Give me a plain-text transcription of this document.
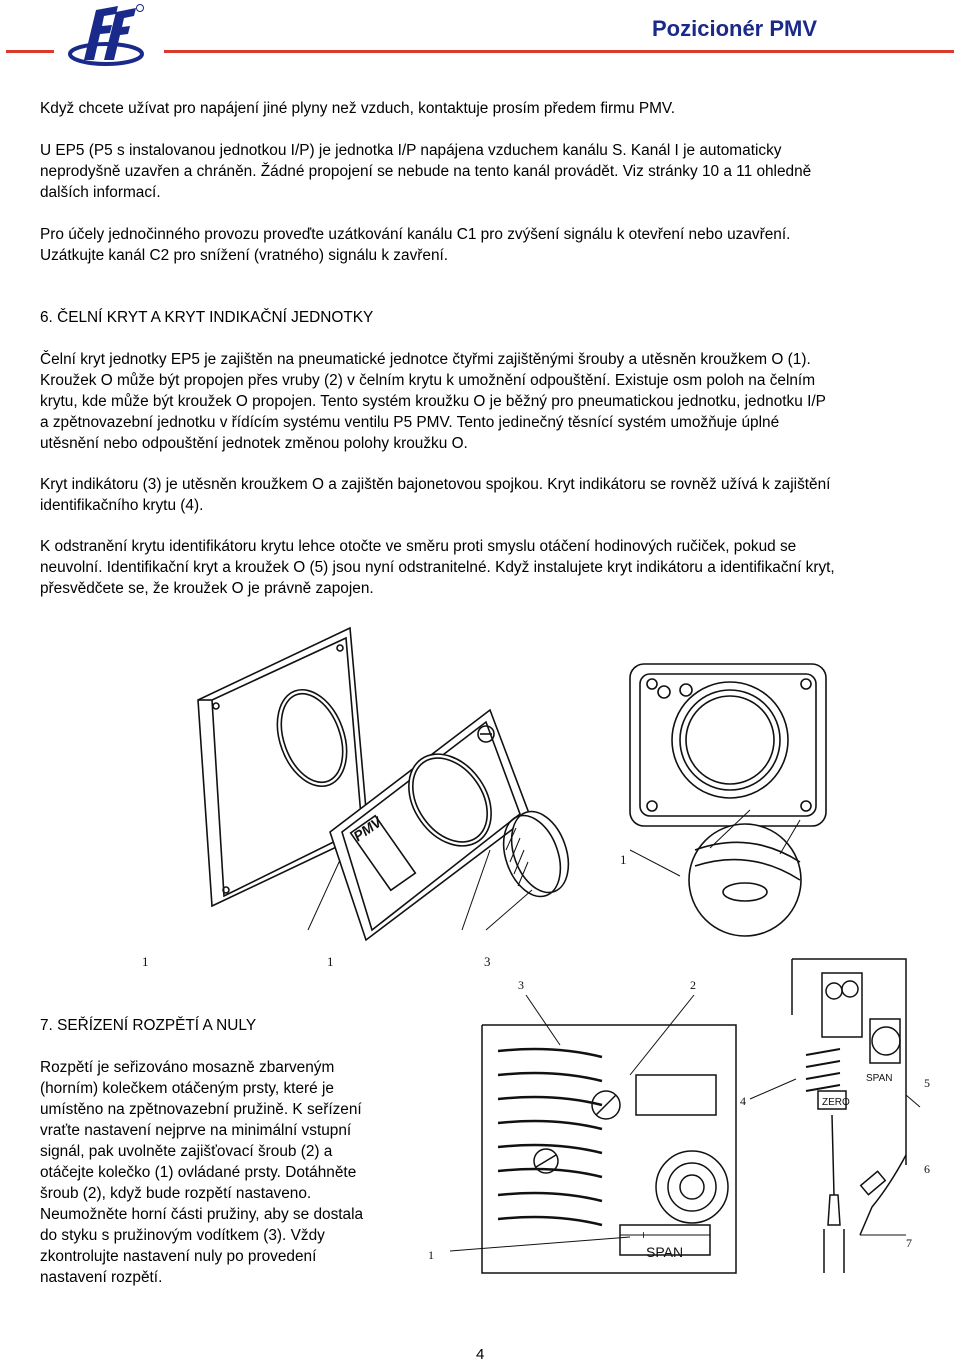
Pozicionér PMV

Když chcete užívat pro napájení jiné plyny než vzduch, kontaktuje prosím předem firmu PMV.

U EP5 (P5 s instalovanou jednotkou I/P) je jednotka I/P napájena vzduchem kanálu S. Kanál I je automaticky

neprodyšně uzavřen a chráněn. Žádné propojení se nebude na tento kanál provádět. Viz stránky 10 a 11 ohledně

dalších informací.

Pro účely jednočinného provozu proveďte uzátkování kanálu C1 pro zvýšení signálu k otevření nebo uzavření.

Uzátkujte kanál C2 pro snížení (vratného) signálu k zavření.

6. ČELNÍ KRYT A KRYT INDIKAČNÍ JEDNOTKY

Čelní kryt jednotky EP5 je zajištěn na pneumatické jednotce čtyřmi zajištěnými šrouby a utěsněn kroužkem O (1).

Kroužek O může být propojen přes vruby (2) v čelním krytu k umožnění odpouštění. Existuje osm poloh na čelním

krytu, kde může být kroužek O propojen. Tento systém kroužku O je běžný pro pneumatickou jednotku, jednotku I/P

a zpětnovazební jednotku v řídícím systému ventilu P5 PMV. Tento jedinečný těsnící systém umožňuje úplné

utěsnění nebo odpouštění jednotek změnou polohy kroužku O.

Kryt indikátoru (3) je utěsněn kroužkem O a zajištěn bajonetovou spojkou. Kryt indikátoru se rovněž užívá k zajištění

identifikačního krytu (4).

K odstranění krytu identifikátoru krytu lehce otočte ve směru proti smyslu otáčení hodinových ručiček, pokud se

neuvolní. Identifikační kryt a kroužek O (5) jsou nyní odstranitelné. Když instalujete kryt indikátoru a identifikační kryt,

přesvědčete se, že kroužek O je právně zapojen.

PMV
1	1	3
1

7. SEŘÍZENÍ ROZPĚTÍ A NULY

Rozpětí je seřizováno mosazně zbarveným

(horním) kolečkem otáčeným prsty, které je

umístěno na zpětnovazební pružině. K seřízení

vraťte nastavení nejprve na minimální vstupní

signál, pak uvolněte zajišťovací šroub (2) a

otáčejte kolečko (1) ovládané prsty. Dotáhněte

šroub (2), když bude rozpětí nastaveno.

Neumožněte horní části pružiny, aby se dostala

do styku s pružinovým vodítkem (3). Vždy

zkontrolujte nastavení nuly po provedení

nastavení rozpětí.

ZERO
SPAN
SPAN
+ −
3	2
4
5
6
7
1
4
